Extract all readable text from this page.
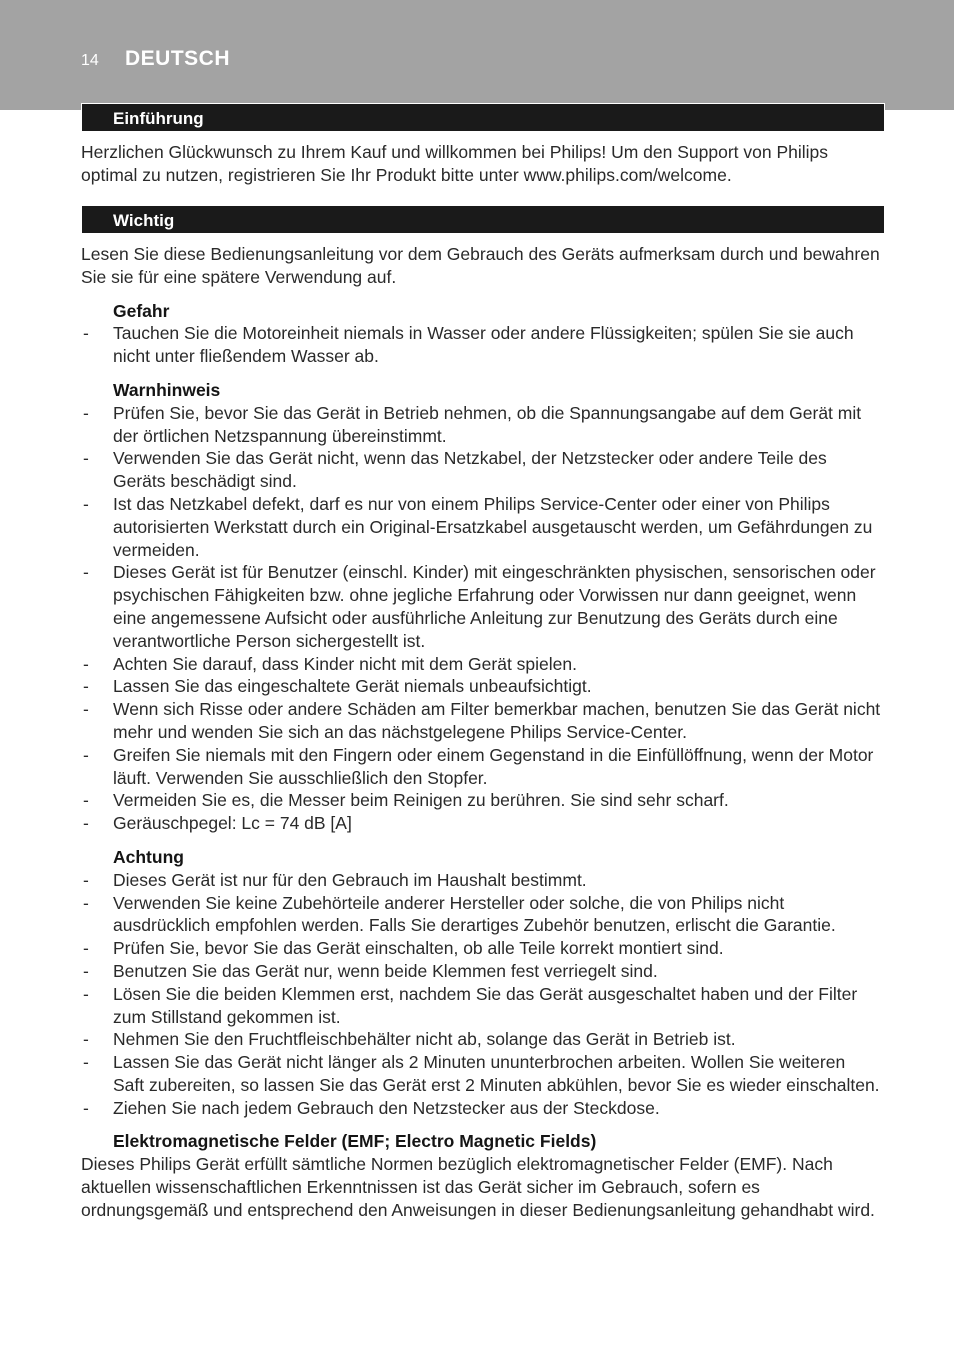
14 DEUTSCH
Einführung

Herzlichen Glückwunsch zu Ihrem Kauf und willkommen bei Philips! Um den Support von Philips optimal zu nutzen, registrieren Sie Ihr Produkt bitte unter www.philips.com/welcome.

Wichtig

Lesen Sie diese Bedienungsanleitung vor dem Gebrauch des Geräts aufmerksam durch und bewahren Sie sie für eine spätere Verwendung auf.

Gefahr

- Tauchen Sie die Motoreinheit niemals in Wasser oder andere Flüssigkeiten; spülen Sie sie auch nicht unter fließendem Wasser ab.

Warnhinweis

- Prüfen Sie, bevor Sie das Gerät in Betrieb nehmen, ob die Spannungsangabe auf dem Gerät mit der örtlichen Netzspannung übereinstimmt.
- Verwenden Sie das Gerät nicht, wenn das Netzkabel, der Netzstecker oder andere Teile des Geräts beschädigt sind.
- Ist das Netzkabel defekt, darf es nur von einem Philips Service-Center oder einer von Philips autorisierten Werkstatt durch ein Original-Ersatzkabel ausgetauscht werden, um Gefährdungen zu vermeiden.
- Dieses Gerät ist für Benutzer (einschl. Kinder) mit eingeschränkten physischen, sensorischen oder psychischen Fähigkeiten bzw. ohne jegliche Erfahrung oder Vorwissen nur dann geeignet, wenn eine angemessene Aufsicht oder ausführliche Anleitung zur Benutzung des Geräts durch eine verantwortliche Person sichergestellt ist.
- Achten Sie darauf, dass Kinder nicht mit dem Gerät spielen.
- Lassen Sie das eingeschaltete Gerät niemals unbeaufsichtigt.
- Wenn sich Risse oder andere Schäden am Filter bemerkbar machen, benutzen Sie das Gerät nicht mehr und wenden Sie sich an das nächstgelegene Philips Service-Center.
- Greifen Sie niemals mit den Fingern oder einem Gegenstand in die Einfüllöffnung, wenn der Motor läuft. Verwenden Sie ausschließlich den Stopfer.
- Vermeiden Sie es, die Messer beim Reinigen zu berühren. Sie sind sehr scharf.
- Geräuschpegel: Lc = 74 dB [A]

Achtung

- Dieses Gerät ist nur für den Gebrauch im Haushalt bestimmt.
- Verwenden Sie keine Zubehörteile anderer Hersteller oder solche, die von Philips nicht ausdrücklich empfohlen werden. Falls Sie derartiges Zubehör benutzen, erlischt die Garantie.
- Prüfen Sie, bevor Sie das Gerät einschalten, ob alle Teile korrekt montiert sind.
- Benutzen Sie das Gerät nur, wenn beide Klemmen fest verriegelt sind.
- Lösen Sie die beiden Klemmen erst, nachdem Sie das Gerät ausgeschaltet haben und der Filter zum Stillstand gekommen ist.
- Nehmen Sie den Fruchtfleischbehälter nicht ab, solange das Gerät in Betrieb ist.
- Lassen Sie das Gerät nicht länger als 2 Minuten ununterbrochen arbeiten. Wollen Sie weiteren Saft zubereiten, so lassen Sie das Gerät erst 2 Minuten abkühlen, bevor Sie es wieder einschalten.
- Ziehen Sie nach jedem Gebrauch den Netzstecker aus der Steckdose.

Elektromagnetische Felder (EMF; Electro Magnetic Fields)

Dieses Philips Gerät erfüllt sämtliche Normen bezüglich elektromagnetischer Felder (EMF). Nach aktuellen wissenschaftlichen Erkenntnissen ist das Gerät sicher im Gebrauch, sofern es ordnungsgemäß und entsprechend den Anweisungen in dieser Bedienungsanleitung gehandhabt wird.
